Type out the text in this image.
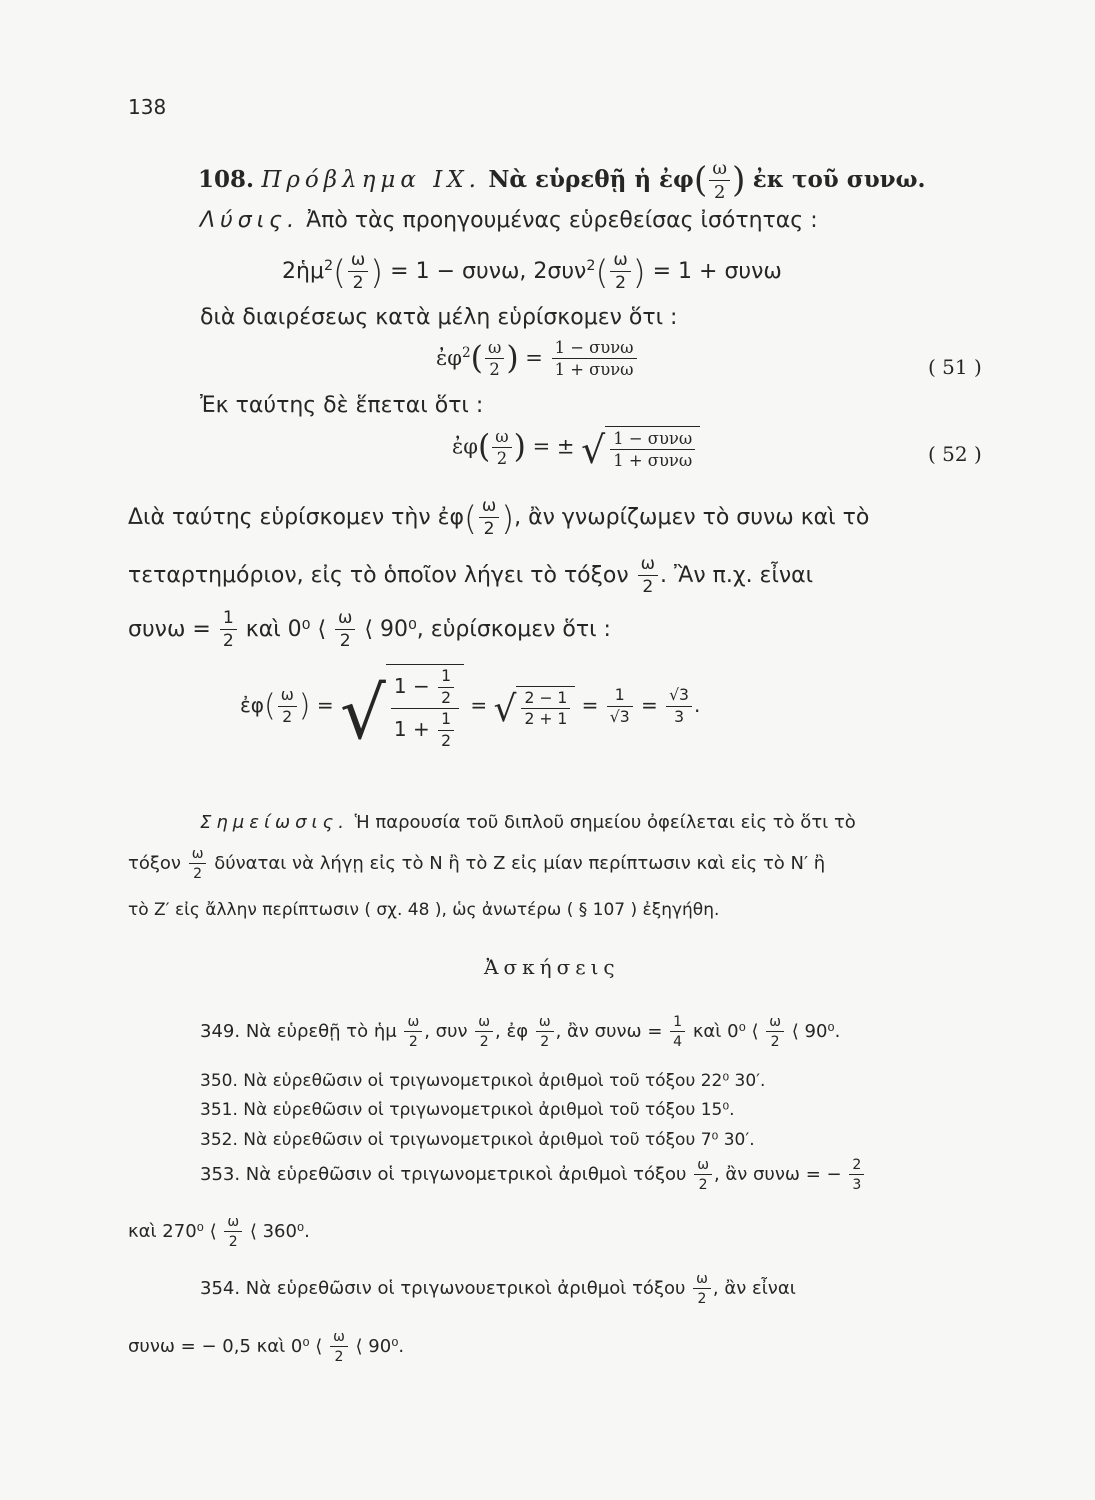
138
108. Πρόβλημα IX. Νὰ εὑρεθῇ ἡ ἐφ( $\frac{\omega}{2}$ ) ἐκ τοῦ συνω.
Λύσις. Ἀπὸ τὰς προηγουμένας εὑρεθείσας ἰσότητας :
2ἡμ$^2$( $\frac{\omega}{2}$ ) = 1 − συνω, $2\sigma\upsilon\nu^2( \frac{\omega}{2}$ ) = 1 + συνω
διὰ διαιρέσεως κατὰ μέλη εὑρίσκομεν ὅτι :
ἐφ$^2$( $\frac{\omega}{2}$ ) = $\frac{\text{1 − συνω}}{\text{1 + συνω}}$	( 51 )
Ἐκ ταύτης δὲ ἕπεται ὅτι :
ἐφ( $\frac{\omega}{2}$ ) = ± √ $\frac{\text{1 − συνω}}{\text{1 + συνω}}$	( 52 )
Διὰ ταύτης εὑρίσκομεν τὴν ἐφ( $\frac{\omega}{2}$ ), ἂν γνωρίζωμεν τὸ συνω καὶ τὸ
τεταρτημόριον, εἰς τὸ ὁποῖον λήγει τὸ τόξον $\frac{\omega}{2}$ . Ἂν π.χ. εἶναι
$\sigma\upsilon\nu\omega = \frac{1}{2}$ καὶ 0⁰ ⟨ $\frac{\omega}{2}$ ⟨ 90⁰, εὑρίσκομεν ὅτι :
ἐφ( $\frac{\omega}{2}$ ) = √ $\frac{1 - \frac{1}{2}}{1 + \frac{1}{2}}$ = √ $\frac{2 - 1}{2 + 1} = \frac{1}{√3} = \frac{√3}{3}$ .
Σημείωσις. Ἡ παρουσία τοῦ διπλοῦ σημείου ὀφείλεται εἰς τὸ ὅτι τὸ
τόξον $\frac{\omega}{2}$ δύναται νὰ λήγῃ εἰς τὸ Ν ἢ τὸ Ζ εἰς μίαν περίπτωσιν καὶ εἰς τὸ Ν′ ἢ
τὸ Ζ′ εἰς ἄλλην περίπτωσιν ( σχ. 48 ), ὡς ἀνωτέρω ( § 107 ) ἐξηγήθη.
Ἀσκήσεις
349. Νὰ εὑρεθῇ τὸ ἡμ $\frac{\omega}{2}$ , συν $\frac{\omega}{2}$ , ἐφ $\frac{\omega}{2}$ , ἂν $\sigma\upsilon\nu\omega = \frac{1}{4}$ καὶ 0⁰ ⟨ $\frac{\omega}{2}$ ⟨ 90⁰.
350. Νὰ εὑρεθῶσιν οἱ τριγωνομετρικοὶ ἀριθμοὶ τοῦ τόξου 22⁰ 30′.
351. Νὰ εὑρεθῶσιν οἱ τριγωνομετρικοὶ ἀριθμοὶ τοῦ τόξου 15⁰.
352. Νὰ εὑρεθῶσιν οἱ τριγωνομετρικοὶ ἀριθμοὶ τοῦ τόξου 7⁰ 30′.
353. Νὰ εὑρεθῶσιν οἱ τριγωνομετρικοὶ ἀριθμοὶ τόξου $\frac{\omega}{2}$ , ἂν συνω = − $\frac{2}{3}$
καὶ 270⁰ ⟨ $\frac{\omega}{2}$ ⟨ 360⁰.
354. Νὰ εὑρεθῶσιν οἱ τριγωνουετρικοὶ ἀριθμοὶ τόξου $\frac{\omega}{2}$ , ἂν εἶναι
συνω = − 0,5 καὶ 0⁰ ⟨ $\frac{\omega}{2}$ ⟨ 90⁰.
